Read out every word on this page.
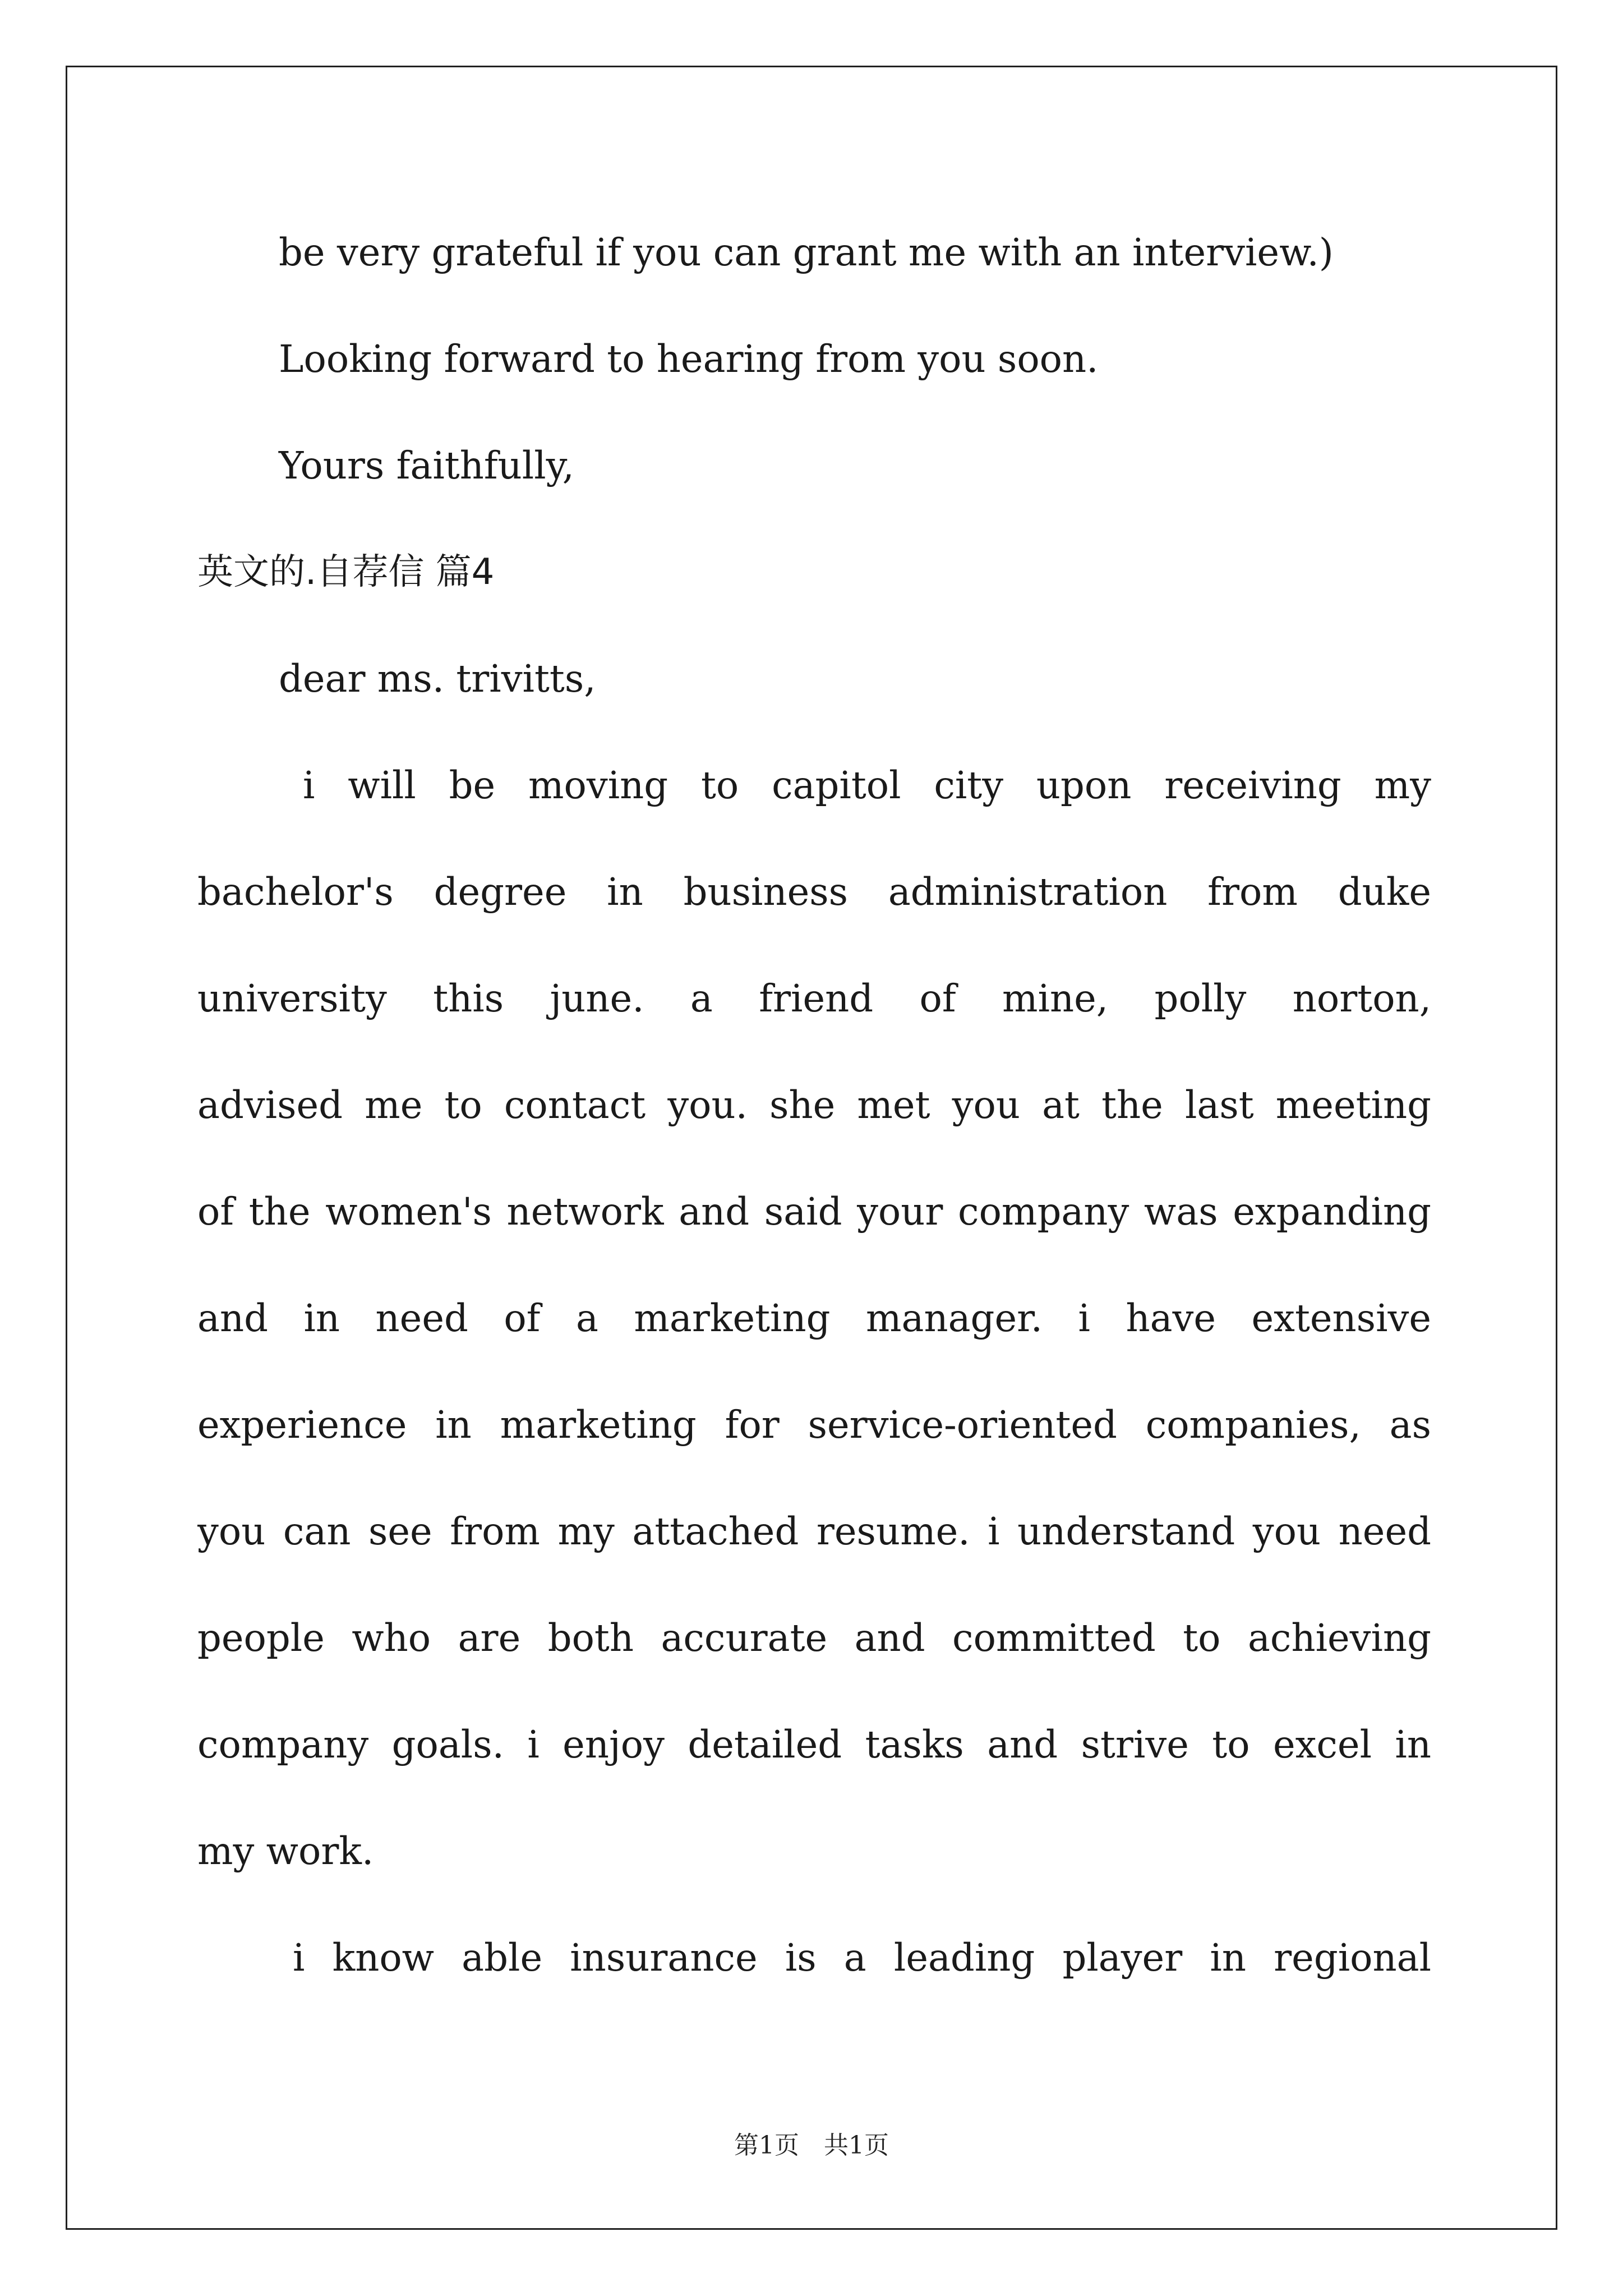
be very grateful if you can grant me with an interview.)
Looking forward to hearing from you soon.
Yours faithfully,
英文的.自荐信 篇4
dear ms. trivitts,
i will be moving to capitol city upon receiving my
bachelor's degree in business administration from duke
university this june. a friend of mine, polly norton,
advised me to contact you. she met you at the last meeting
of the women's network and said your company was expanding
and in need of a marketing manager. i have extensive
experience in marketing for service-oriented companies, as
you can see from my attached resume. i understand you need
people who are both accurate and committed to achieving
company goals. i enjoy detailed tasks and strive to excel in
my work.
i know able insurance is a leading player in regional
第1页　共1页
